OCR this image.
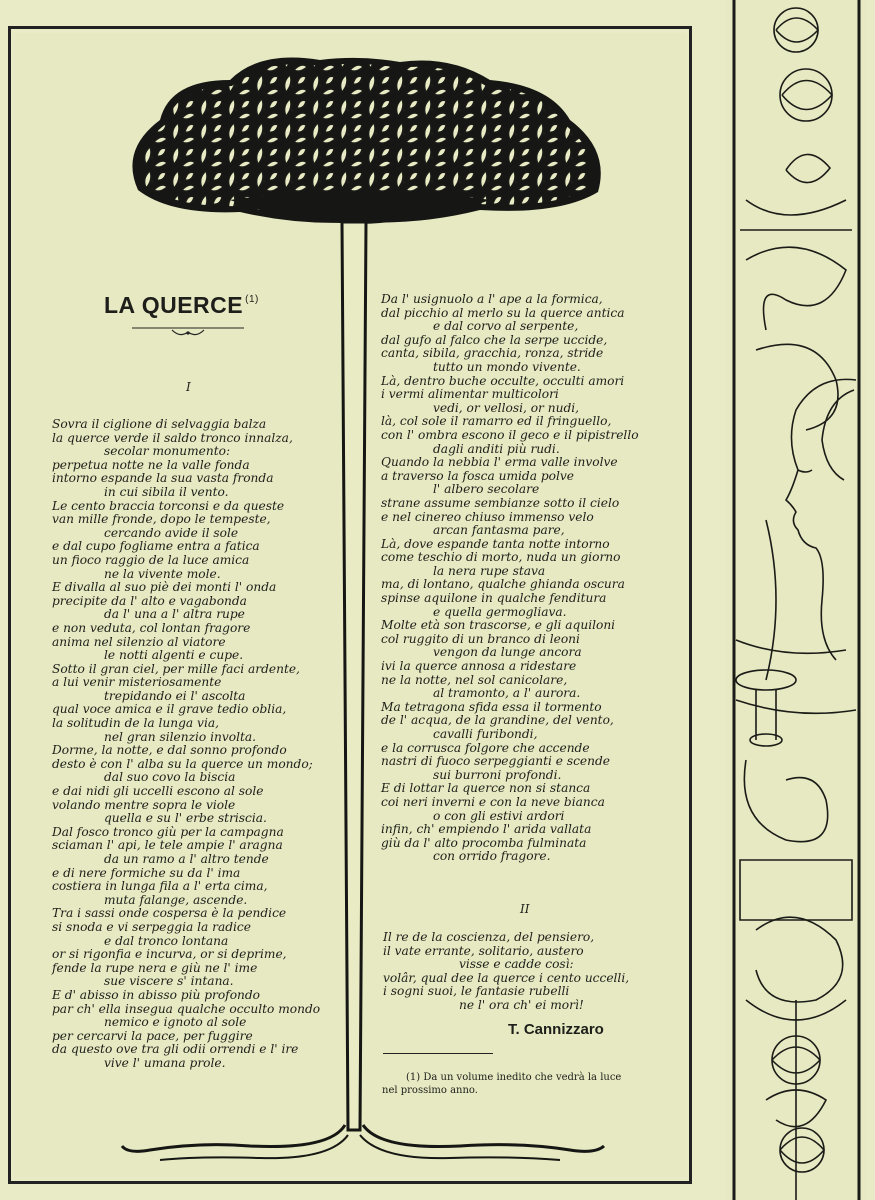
LA QUERCE $^{(1)}$
I
Sovra il ciglione di selvaggia balza
la querce verde il saldo tronco innalza,
secolar monumento:
perpetua notte ne la valle fonda
intorno espande la sua vasta fronda
in cui sibila il vento.
Le cento braccia torconsi e da queste
van mille fronde, dopo le tempeste,
cercando avide il sole
e dal cupo fogliame entra a fatica
un fioco raggio de la luce amica
ne la vivente mole.
E divalla al suo piè dei monti l' onda
precipite da l' alto e vagabonda
da l' una a l' altra rupe
e non veduta, col lontan fragore
anima nel silenzio al viatore
le notti algenti e cupe.
Sotto il gran ciel, per mille faci ardente,
a lui venir misteriosamente
trepidando ei l' ascolta
qual voce amica e il grave tedio oblia,
la solitudin de la lunga via,
nel gran silenzio involta.
Dorme, la notte, e dal sonno profondo
desto è con l' alba su la querce un mondo;
dal suo covo la biscia
e dai nidi gli uccelli escono al sole
volando mentre sopra le viole
quella e su l' erbe striscia.
Dal fosco tronco giù per la campagna
sciaman l' api, le tele ampie l' aragna
da un ramo a l' altro tende
e di nere formiche su da l' ima
costiera in lunga fila a l' erta cima,
muta falange, ascende.
Tra i sassi onde cospersa è la pendice
si snoda e vi serpeggia la radice
e dal tronco lontana
or si rigonfia e incurva, or si deprime,
fende la rupe nera e giù ne l' ime
sue viscere s' intana.
E d' abisso in abisso più profondo
par ch' ella insegua qualche occulto mondo
nemico e ignoto al sole
per cercarvi la pace, per fuggire
da questo ove tra gli odii orrendi e l' ire
vive l' umana prole.
Da l' usignuolo a l' ape a la formica,
dal picchio al merlo su la querce antica
e dal corvo al serpente,
dal gufo al falco che la serpe uccide,
canta, sibila, gracchia, ronza, stride
tutto un mondo vivente.
Là, dentro buche occulte, occulti amori
i vermi alimentar multicolori
vedi, or vellosi, or nudi,
là, col sole il ramarro ed il fringuello,
con l' ombra escono il geco e il pipistrello
dagli anditi più rudi.
Quando la nebbia l' erma valle involve
a traverso la fosca umida polve
l' albero secolare
strane assume sembianze sotto il cielo
e nel cinereo chiuso immenso velo
arcan fantasma pare,
Là, dove espande tanta notte intorno
come teschio di morto, nuda un giorno
la nera rupe stava
ma, di lontano, qualche ghianda oscura
spinse aquilone in qualche fenditura
e quella germogliava.
Molte età son trascorse, e gli aquiloni
col ruggito di un branco di leoni
vengon da lunge ancora
ivi la querce annosa a ridestare
ne la notte, nel sol canicolare,
al tramonto, a l' aurora.
Ma tetragona sfida essa il tormento
de l' acqua, de la grandine, del vento,
cavalli furibondi,
e la corrusca folgore che accende
nastri di fuoco serpeggianti e scende
sui burroni profondi.
E di lottar la querce non si stanca
coi neri inverni e con la neve bianca
o con gli estivi ardori
infin, ch' empiendo l' arida vallata
giù da l' alto procomba fulminata
con orrido fragore.
II
Il re de la coscienza, del pensiero,
il vate errante, solitario, austero
visse e cadde così:
volâr, qual dee la querce i cento uccelli,
i sogni suoi, le fantasie rubelli
ne l' ora ch' ei morì!
T. Cannizzaro
(1) Da un volume inedito che vedrà la luce
nel prossimo anno.
